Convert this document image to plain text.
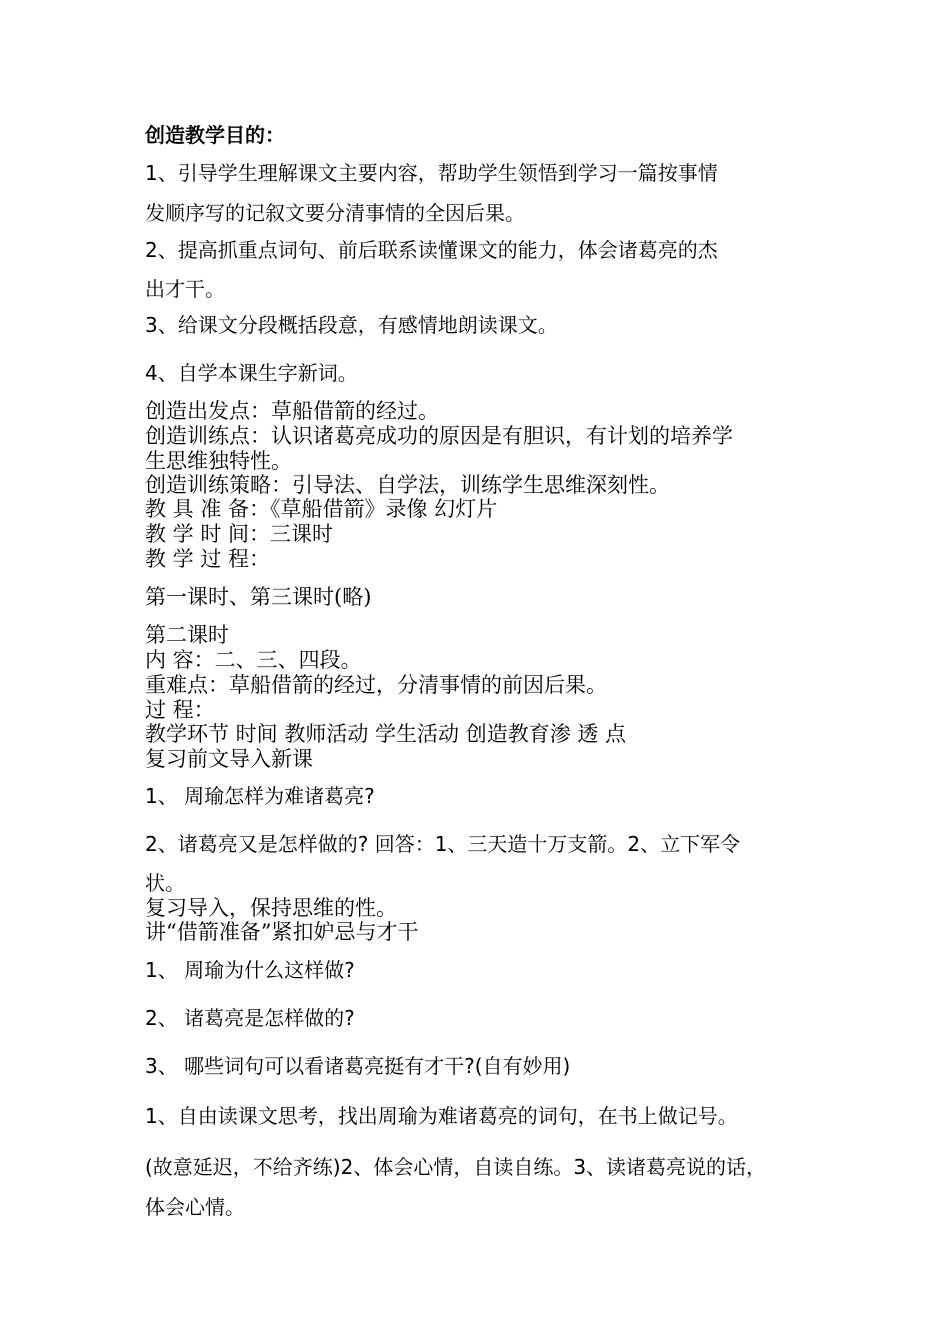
创造教学目的：
1、引导学生理解课文主要内容，帮助学生领悟到学习一篇按事情
发顺序写的记叙文要分清事情的全因后果。
2、提高抓重点词句、前后联系读懂课文的能力，体会诸葛亮的杰
出才干。
3、给课文分段概括段意，有感情地朗读课文。
4、自学本课生字新词。
创造出发点：草船借箭的经过。
创造训练点：认识诸葛亮成功的原因是有胆识，有计划的培养学
生思维独特性。
创造训练策略：引导法、自学法，训练学生思维深刻性。
教 具 准 备：《草船借箭》录像 幻灯片
教 学 时 间：三课时
教 学 过 程：
第一课时、第三课时(略)
第二课时
内 容：二、三、四段。
重难点：草船借箭的经过，分清事情的前因后果。
过 程：
教学环节 时间 教师活动 学生活动 创造教育渗 透 点
复习前文导入新课
1、 周瑜怎样为难诸葛亮?
2、诸葛亮又是怎样做的? 回答：1、三天造十万支箭。2、立下军令
状。
复习导入，保持思维的性。
讲“借箭准备”紧扣妒忌与才干
1、 周瑜为什么这样做?
2、 诸葛亮是怎样做的?
3、 哪些词句可以看诸葛亮挺有才干?(自有妙用)
1、自由读课文思考，找出周瑜为难诸葛亮的词句，在书上做记号。
(故意延迟，不给齐练)2、体会心情，自读自练。3、读诸葛亮说的话，
体会心情。
